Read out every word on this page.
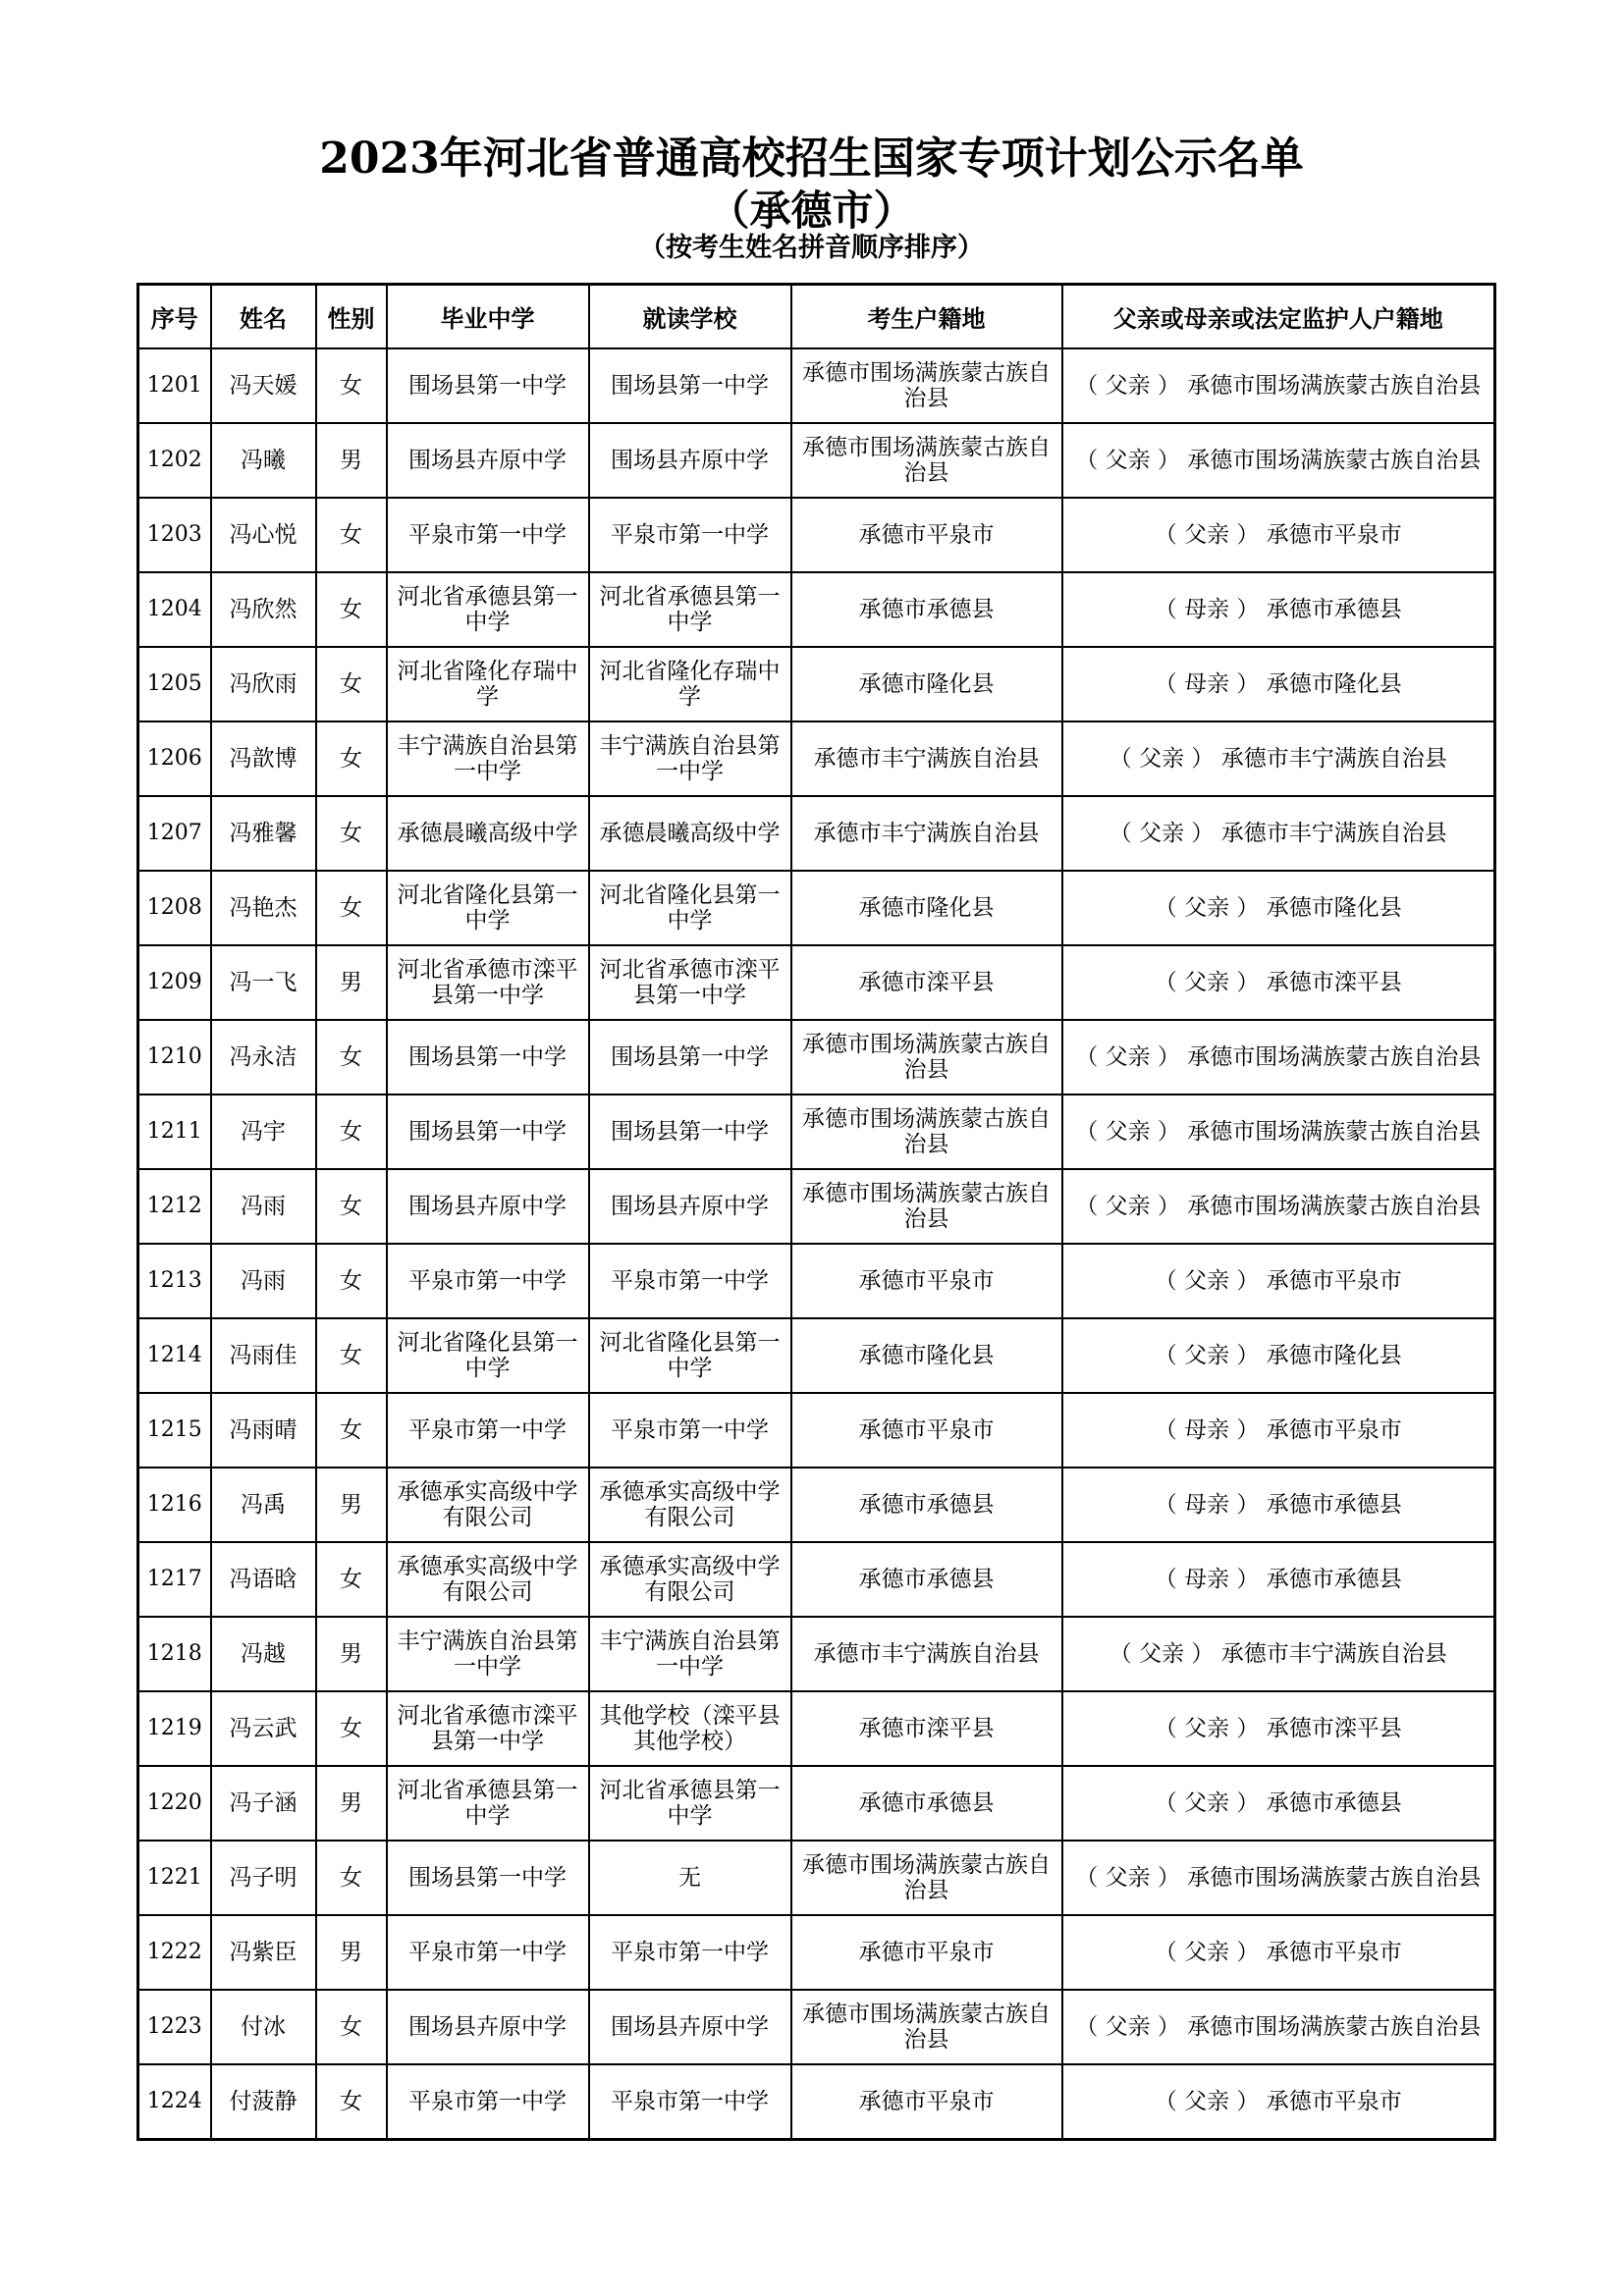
2023年河北省普通高校招生国家专项计划公示名单
（承德市）
（按考生姓名拼音顺序排序）
序号	姓名	性别	毕业中学	就读学校	考生户籍地	父亲或母亲或法定监护人户籍地
1201	冯天媛	女	围场县第一中学	围场县第一中学	承德市围场满族蒙古族自治县	（ 父亲 ） 承德市围场满族蒙古族自治县
1202	冯曦	男	围场县卉原中学	围场县卉原中学	承德市围场满族蒙古族自治县	（ 父亲 ） 承德市围场满族蒙古族自治县
1203	冯心悦	女	平泉市第一中学	平泉市第一中学	承德市平泉市	（ 父亲 ） 承德市平泉市
1204	冯欣然	女	河北省承德县第一中学	河北省承德县第一中学	承德市承德县	（ 母亲 ） 承德市承德县
1205	冯欣雨	女	河北省隆化存瑞中学	河北省隆化存瑞中学	承德市隆化县	（ 母亲 ） 承德市隆化县
1206	冯歆博	女	丰宁满族自治县第一中学	丰宁满族自治县第一中学	承德市丰宁满族自治县	（ 父亲 ） 承德市丰宁满族自治县
1207	冯雅馨	女	承德晨曦高级中学	承德晨曦高级中学	承德市丰宁满族自治县	（ 父亲 ） 承德市丰宁满族自治县
1208	冯艳杰	女	河北省隆化县第一中学	河北省隆化县第一中学	承德市隆化县	（ 父亲 ） 承德市隆化县
1209	冯一飞	男	河北省承德市滦平县第一中学	河北省承德市滦平县第一中学	承德市滦平县	（ 父亲 ） 承德市滦平县
1210	冯永洁	女	围场县第一中学	围场县第一中学	承德市围场满族蒙古族自治县	（ 父亲 ） 承德市围场满族蒙古族自治县
1211	冯宇	女	围场县第一中学	围场县第一中学	承德市围场满族蒙古族自治县	（ 父亲 ） 承德市围场满族蒙古族自治县
1212	冯雨	女	围场县卉原中学	围场县卉原中学	承德市围场满族蒙古族自治县	（ 父亲 ） 承德市围场满族蒙古族自治县
1213	冯雨	女	平泉市第一中学	平泉市第一中学	承德市平泉市	（ 父亲 ） 承德市平泉市
1214	冯雨佳	女	河北省隆化县第一中学	河北省隆化县第一中学	承德市隆化县	（ 父亲 ） 承德市隆化县
1215	冯雨晴	女	平泉市第一中学	平泉市第一中学	承德市平泉市	（ 母亲 ） 承德市平泉市
1216	冯禹	男	承德承实高级中学有限公司	承德承实高级中学有限公司	承德市承德县	（ 母亲 ） 承德市承德县
1217	冯语晗	女	承德承实高级中学有限公司	承德承实高级中学有限公司	承德市承德县	（ 母亲 ） 承德市承德县
1218	冯越	男	丰宁满族自治县第一中学	丰宁满族自治县第一中学	承德市丰宁满族自治县	（ 父亲 ） 承德市丰宁满族自治县
1219	冯云武	女	河北省承德市滦平县第一中学	其他学校（滦平县其他学校）	承德市滦平县	（ 父亲 ） 承德市滦平县
1220	冯子涵	男	河北省承德县第一中学	河北省承德县第一中学	承德市承德县	（ 父亲 ） 承德市承德县
1221	冯子明	女	围场县第一中学	无	承德市围场满族蒙古族自治县	（ 父亲 ） 承德市围场满族蒙古族自治县
1222	冯紫臣	男	平泉市第一中学	平泉市第一中学	承德市平泉市	（ 父亲 ） 承德市平泉市
1223	付冰	女	围场县卉原中学	围场县卉原中学	承德市围场满族蒙古族自治县	（ 父亲 ） 承德市围场满族蒙古族自治县
1224	付菠静	女	平泉市第一中学	平泉市第一中学	承德市平泉市	（ 父亲 ） 承德市平泉市
